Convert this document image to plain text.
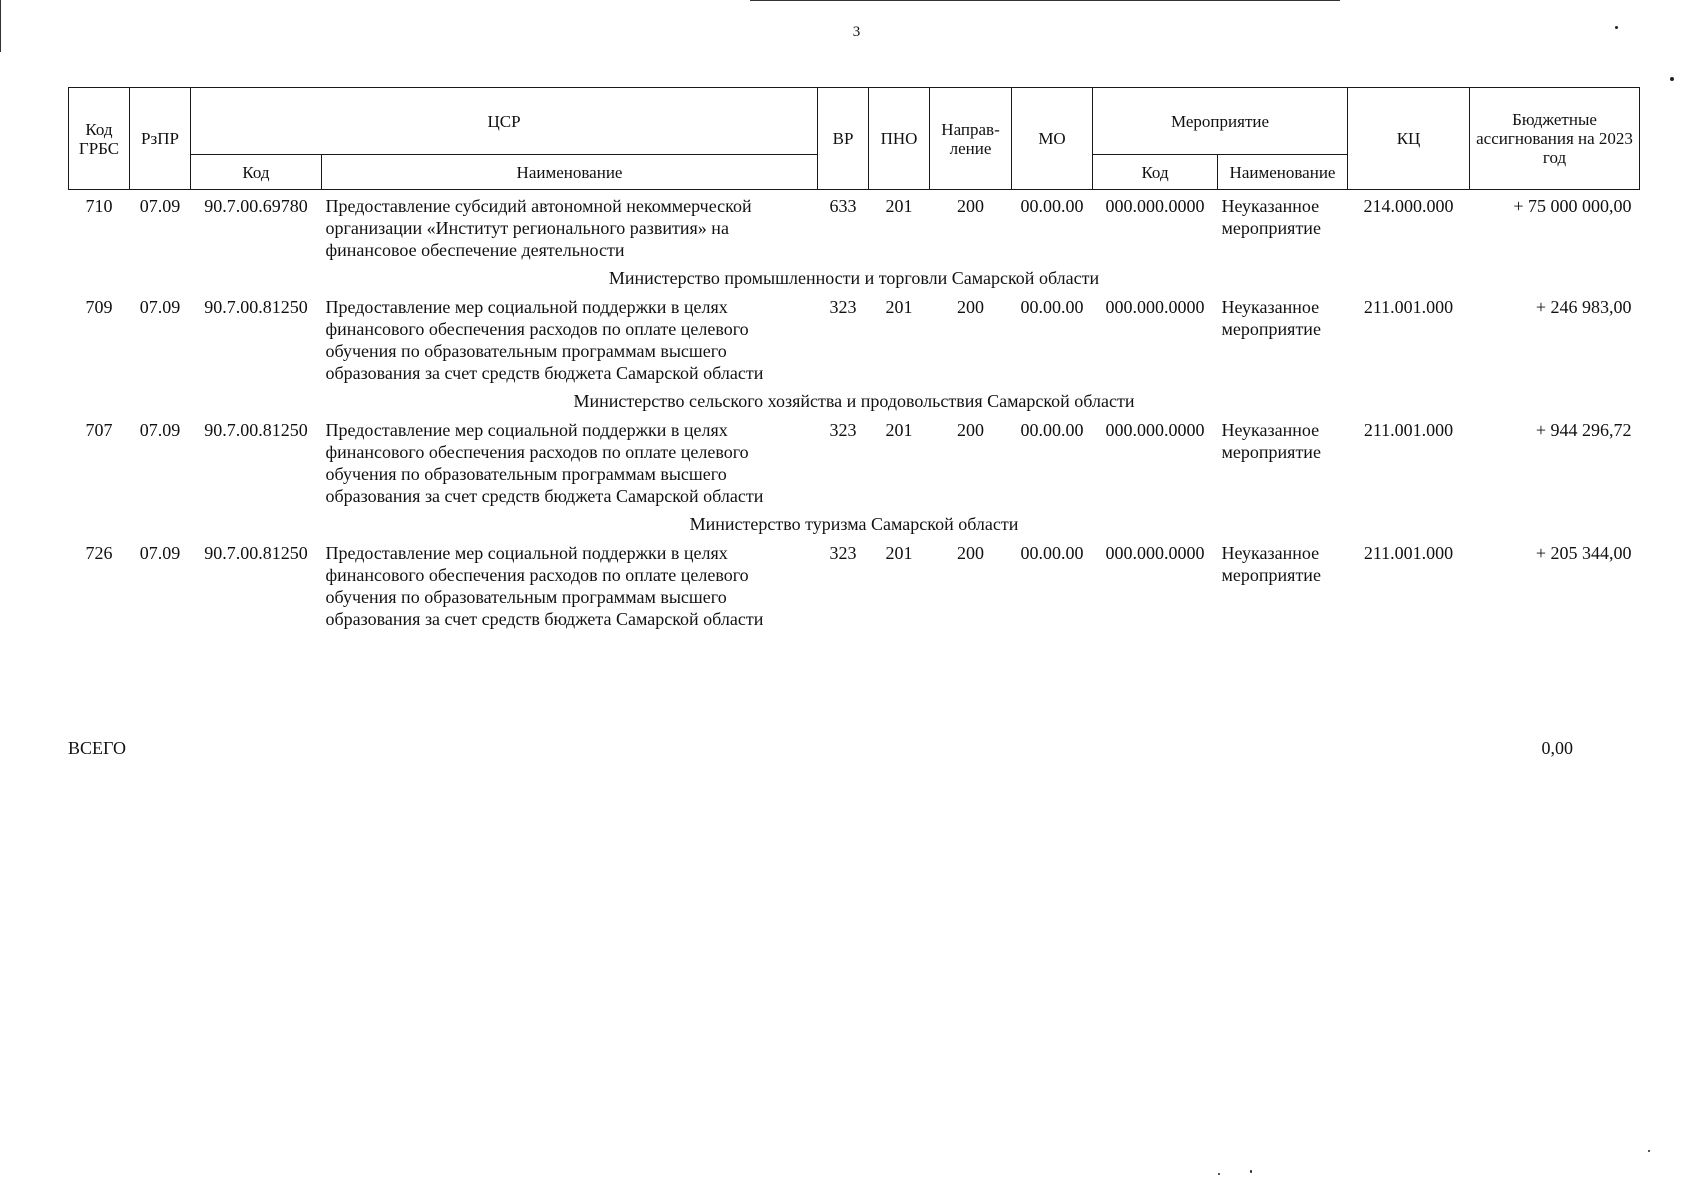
3
Код ГРБС	РзПР	ЦСР		ВР	ПНО	Направ-ление	МО	Мероприятие		КЦ	Бюджетные ассигнования на 2023 год
		Код	Наименование					Код	Наименование		
710	07.09	90.7.00.69780	Предоставление субсидий автономной некоммерческой организации «Институт регионального развития» на финансовое обеспечение деятельности	633	201	200	00.00.00	000.000.0000	Неуказанное мероприятие	214.000.000	+ 75 000 000,00
Министерство промышленности и торговли Самарской области											
709	07.09	90.7.00.81250	Предоставление мер социальной поддержки в целях финансового обеспечения расходов по оплате целевого обучения по образовательным программам высшего образования за счет средств бюджета Самарской области	323	201	200	00.00.00	000.000.0000	Неуказанное мероприятие	211.001.000	+ 246 983,00
Министерство сельского хозяйства и продовольствия Самарской области											
707	07.09	90.7.00.81250	Предоставление мер социальной поддержки в целях финансового обеспечения расходов по оплате целевого обучения по образовательным программам высшего образования за счет средств бюджета Самарской области	323	201	200	00.00.00	000.000.0000	Неуказанное мероприятие	211.001.000	+ 944 296,72
Министерство туризма Самарской области											
726	07.09	90.7.00.81250	Предоставление мер социальной поддержки в целях финансового обеспечения расходов по оплате целевого обучения по образовательным программам высшего образования за счет средств бюджета Самарской области	323	201	200	00.00.00	000.000.0000	Неуказанное мероприятие	211.001.000	+ 205 344,00
ВСЕГО	0,00
